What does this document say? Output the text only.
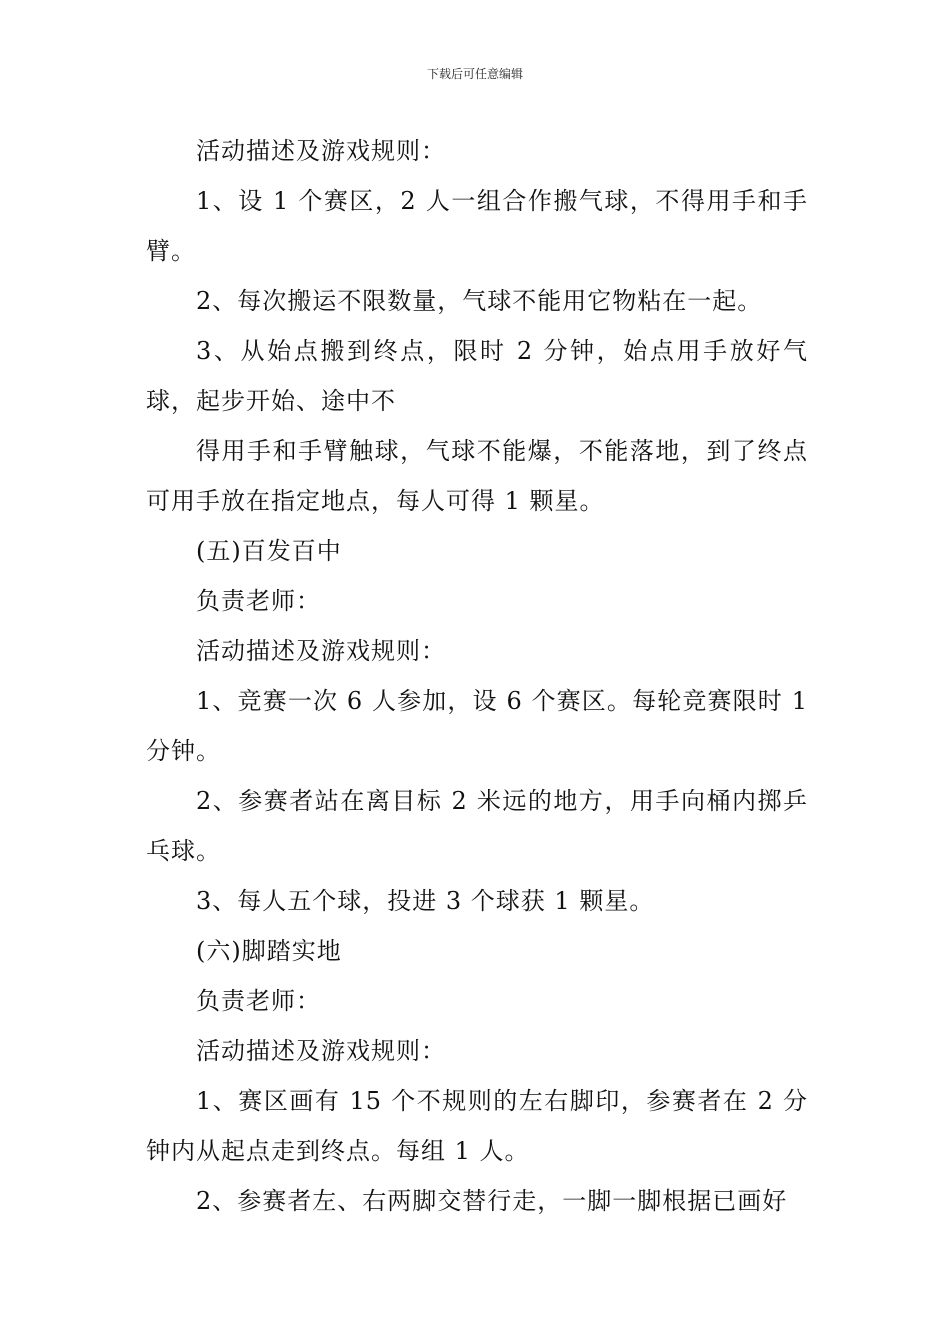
下载后可任意编辑

活动描述及游戏规则：

1、设 1 个赛区，2 人一组合作搬气球，不得用手和手臂。

2、每次搬运不限数量，气球不能用它物粘在一起。

3、从始点搬到终点，限时 2 分钟，始点用手放好气球，起步开始、途中不

得用手和手臂触球，气球不能爆，不能落地，到了终点可用手放在指定地点，每人可得 1 颗星。

(五)百发百中

负责老师：

活动描述及游戏规则：

1、竞赛一次 6 人参加，设 6 个赛区。每轮竞赛限时 1 分钟。

2、参赛者站在离目标 2 米远的地方，用手向桶内掷乒乓球。

3、每人五个球，投进 3 个球获 1 颗星。

(六)脚踏实地

负责老师：

活动描述及游戏规则：

1、赛区画有 15 个不规则的左右脚印，参赛者在 2 分钟内从起点走到终点。每组 1 人。

2、参赛者左、右两脚交替行走，一脚一脚根据已画好
